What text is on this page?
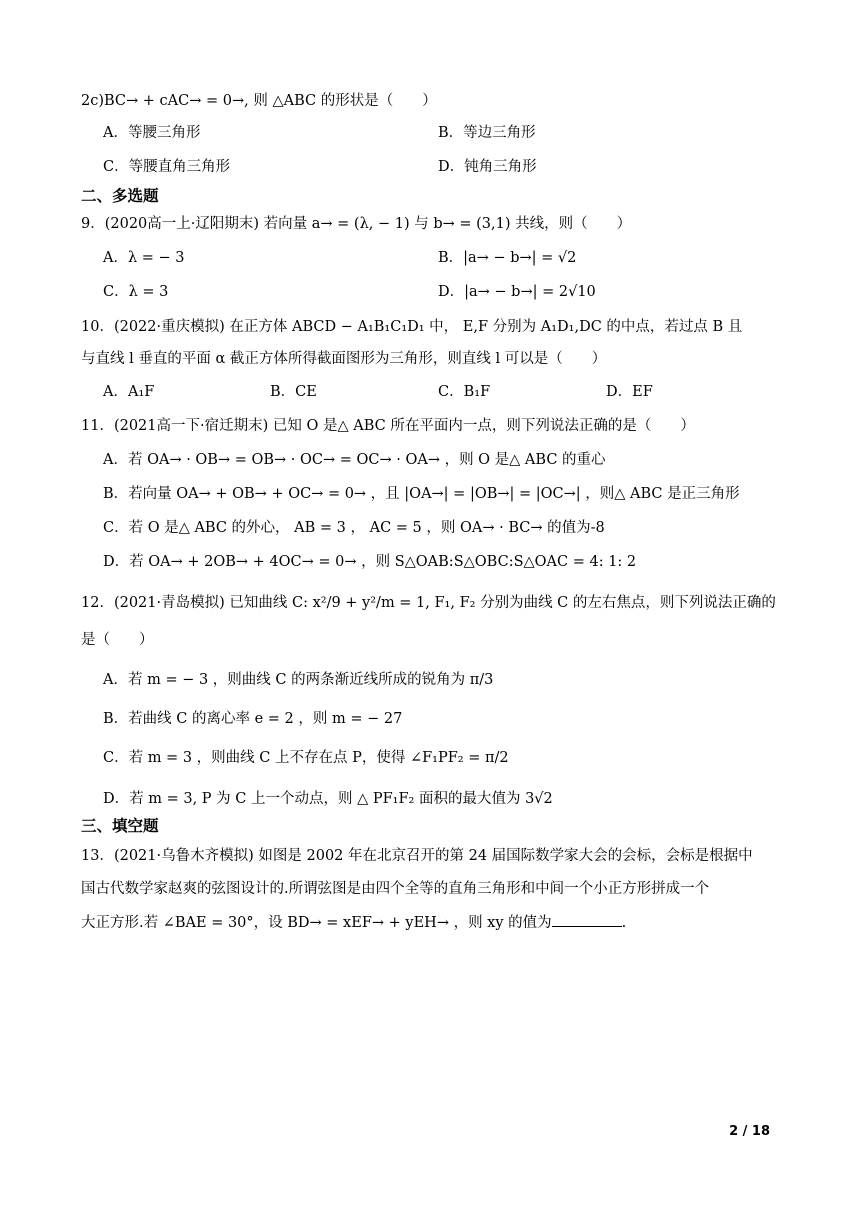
2c)BC→ + cAC→ = 0→, 则 △ABC 的形状是（　　）
A．等腰三角形	B．等边三角形
C．等腰直角三角形	D．钝角三角形
二、多选题
9．(2020高一上·辽阳期末) 若向量 a→ = (λ, − 1) 与 b→ = (3,1) 共线，则（　　）
A．λ = − 3	B．|a→ − b→| = √2
C．λ = 3	D．|a→ − b→| = 2√10
10．(2022·重庆模拟) 在正方体 ABCD − A₁B₁C₁D₁ 中， E,F 分别为 A₁D₁,DC 的中点，若过点 B 且
与直线 l 垂直的平面 α 截正方体所得截面图形为三角形，则直线 l 可以是（　　）
A．A₁F	B．CE	C．B₁F	D．EF
11．(2021高一下·宿迁期末) 已知 O 是△ ABC 所在平面内一点，则下列说法正确的是（　　）
A．若 OA→ · OB→ = OB→ · OC→ = OC→ · OA→ ，则 O 是△ ABC 的重心
B．若向量 OA→ + OB→ + OC→ = 0→ ，且 |OA→| = |OB→| = |OC→| ，则△ ABC 是正三角形
C．若 O 是△ ABC 的外心， AB = 3 ， AC = 5 ，则 OA→ · BC→ 的值为-8
D．若 OA→ + 2OB→ + 4OC→ = 0→ ，则 S△OAB:S△OBC:S△OAC = 4: 1: 2
12．(2021·青岛模拟) 已知曲线 C: x²/9 + y²/m = 1, F₁, F₂ 分别为曲线 C 的左右焦点，则下列说法正确的
是（　　）
A．若 m = − 3 ，则曲线 C 的两条渐近线所成的锐角为 π/3
B．若曲线 C 的离心率 e = 2 ，则 m = − 27
C．若 m = 3 ，则曲线 C 上不存在点 P，使得 ∠F₁PF₂ = π/2
D．若 m = 3, P 为 C 上一个动点，则 △ PF₁F₂ 面积的最大值为 3√2
三、填空题
13．(2021·乌鲁木齐模拟) 如图是 2002 年在北京召开的第 24 届国际数学家大会的会标，会标是根据中
国古代数学家赵爽的弦图设计的.所谓弦图是由四个全等的直角三角形和中间一个小正方形拼成一个
大正方形.若 ∠BAE = 30°，设 BD→ = xEF→ + yEH→ ，则 xy 的值为	.
2 / 18
